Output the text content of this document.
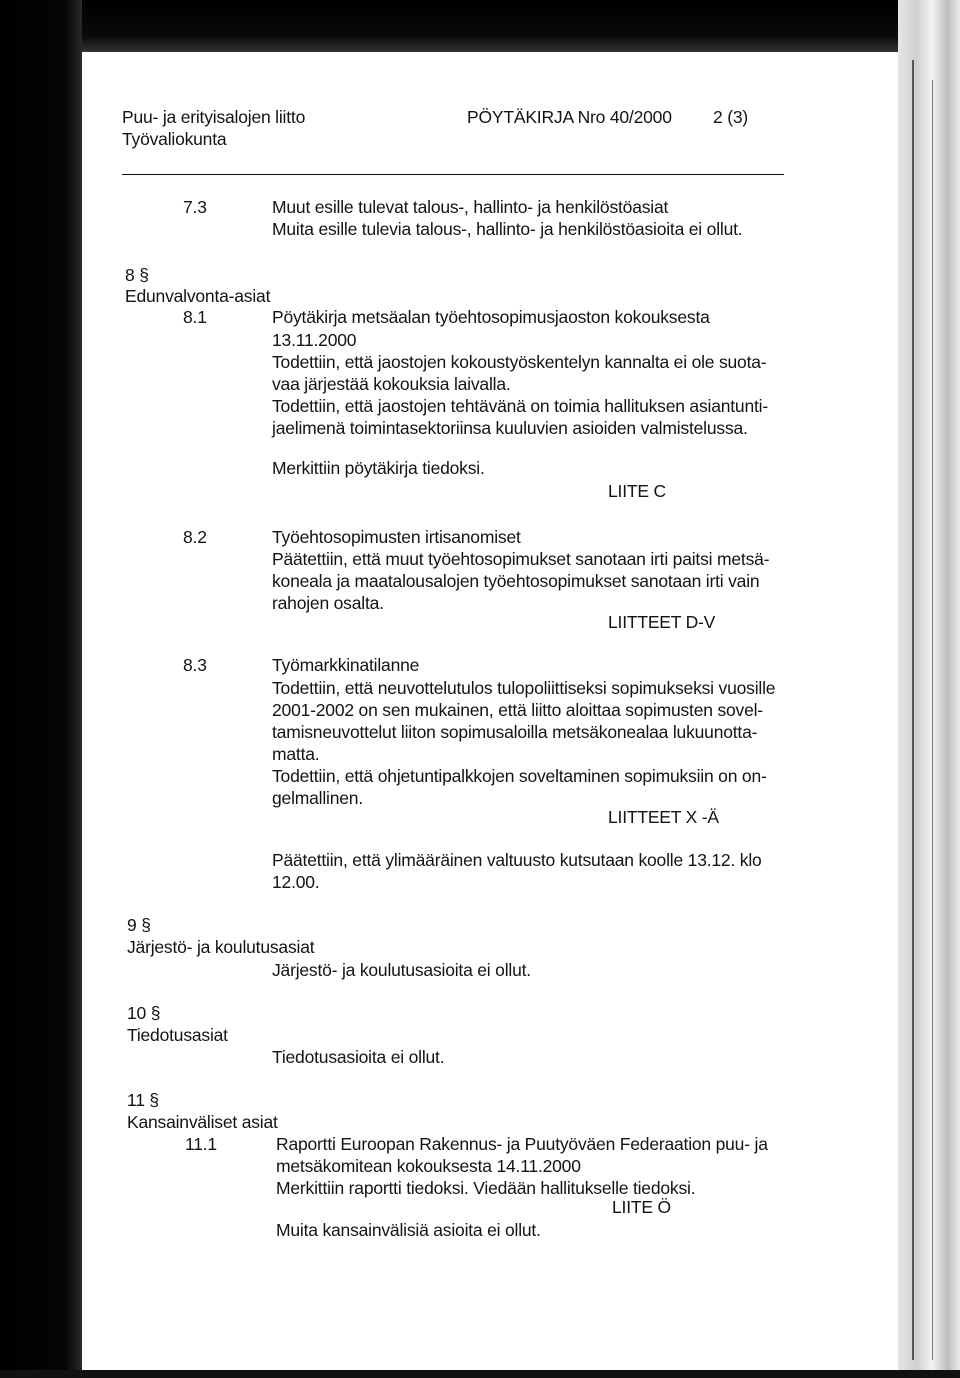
Puu- ja erityisalojen liitto
Työvaliokunta
PÖYTÄKIRJA Nro 40/2000 2 (3)
7.3	Muut esille tulevat talous-, hallinto- ja henkilöstöasiat
Muita esille tulevia talous-, hallinto- ja henkilöstöasioita ei ollut.
8 §
Edunvalvonta-asiat
8.1	Pöytäkirja metsäalan työehtosopimusjaoston kokouksesta
13.11.2000
Todettiin, että jaostojen kokoustyöskentelyn kannalta ei ole suota-
vaa järjestää kokouksia laivalla.
Todettiin, että jaostojen tehtävänä on toimia hallituksen asiantunti-
jaelimenä toimintasektoriinsa kuuluvien asioiden valmistelussa.
Merkittiin pöytäkirja tiedoksi.
LIITE C
8.2	Työehtosopimusten irtisanomiset
Päätettiin, että muut työehtosopimukset sanotaan irti paitsi metsä-
koneala ja maatalousalojen työehtosopimukset sanotaan irti vain
rahojen osalta.
LIITTEET D-V
8.3	Työmarkkinatilanne
Todettiin, että neuvottelutulos tulopoliittiseksi sopimukseksi vuosille
2001-2002 on sen mukainen, että liitto aloittaa sopimusten sovel-
tamisneuvottelut liiton sopimusaloilla metsäkonealaa lukuunotta-
matta.
Todettiin, että ohjetuntipalkkojen soveltaminen sopimuksiin on on-
gelmallinen.
LIITTEET X -Ä
Päätettiin, että ylimääräinen valtuusto kutsutaan koolle 13.12. klo
12.00.
9 §
Järjestö- ja koulutusasiat
Järjestö- ja koulutusasioita ei ollut.
10 §
Tiedotusasiat
Tiedotusasioita ei ollut.
11 §
Kansainväliset asiat
11.1	Raportti Euroopan Rakennus- ja Puutyöväen Federaation puu- ja
metsäkomitean kokouksesta 14.11.2000
Merkittiin raportti tiedoksi. Viedään hallitukselle tiedoksi.
LIITE Ö
Muita kansainvälisiä asioita ei ollut.
